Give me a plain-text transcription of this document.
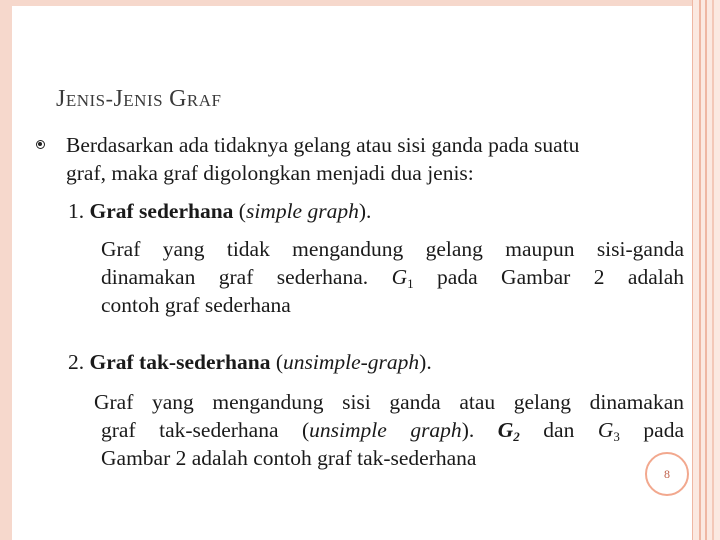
JENIS-JENIS GRAF
Berdasarkan ada tidaknya gelang atau sisi ganda pada suatu
graf, maka graf digolongkan menjadi dua jenis:
1. Graf sederhana (simple graph).
Graf yang tidak mengandung gelang maupun sisi-ganda
dinamakan graf sederhana. $G_1$ pada Gambar 2 adalah
contoh graf sederhana
2. Graf tak-sederhana (unsimple-graph).
Graf yang mengandung sisi ganda atau gelang dinamakan
graf tak-sederhana (unsimple graph). $G_2$ dan $G_3$ pada
Gambar 2 adalah contoh graf tak-sederhana
8
